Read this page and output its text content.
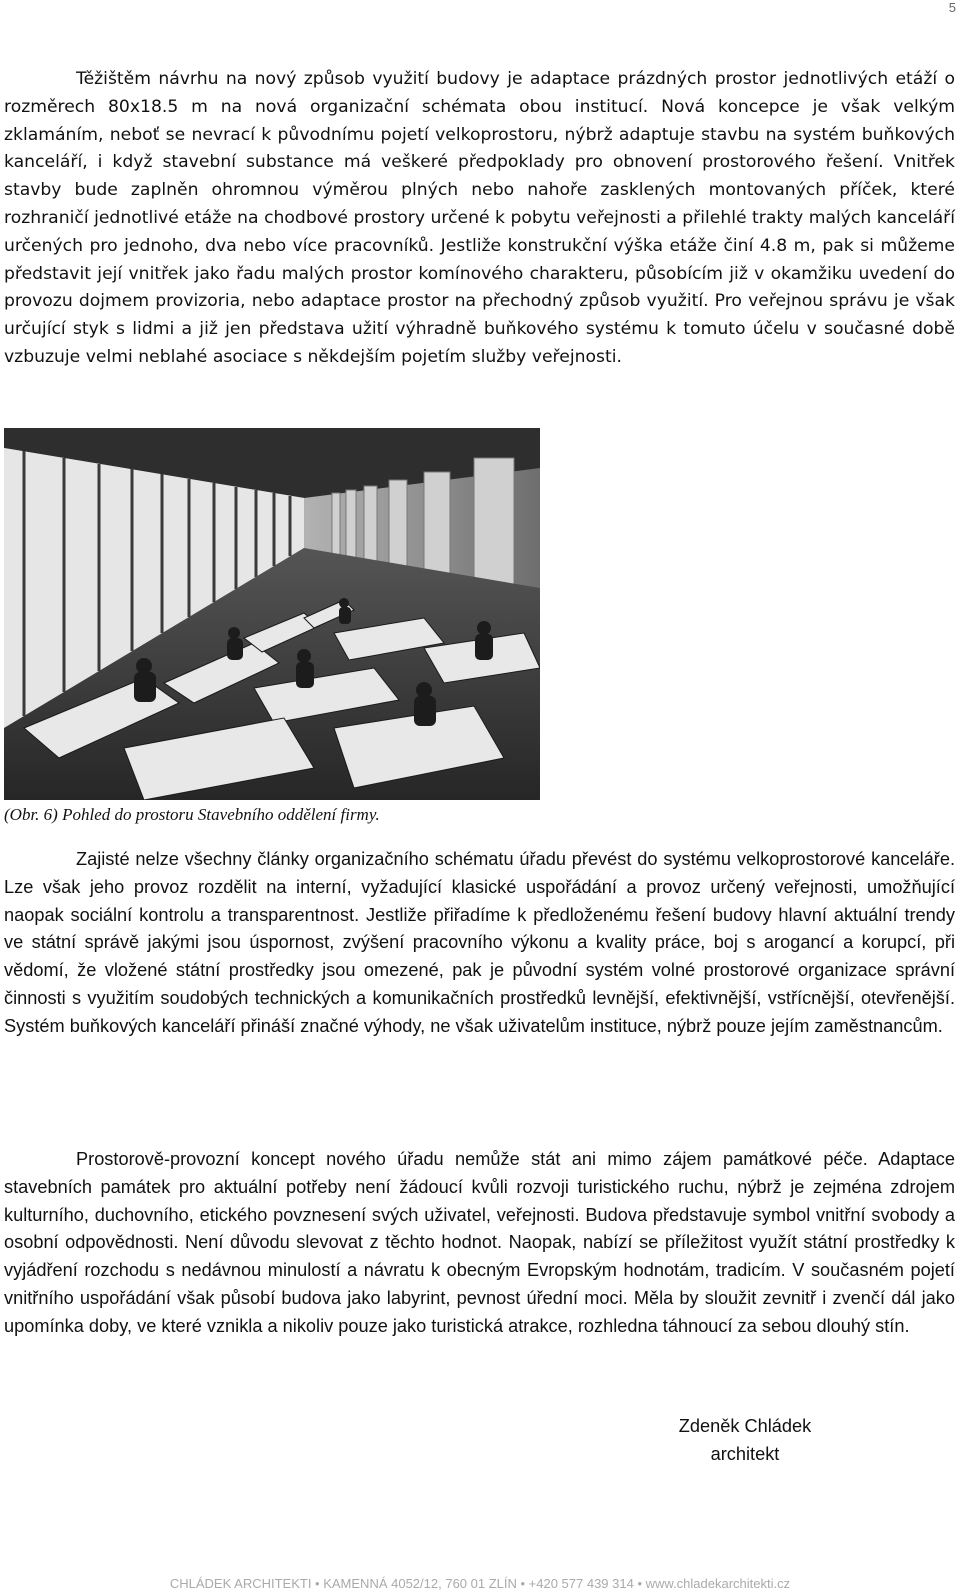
5

Těžištěm návrhu na nový způsob využití budovy je adaptace prázdných prostor jednotlivých etáží o rozměrech 80x18.5 m na nová organizační schémata obou institucí. Nová koncepce je však velkým zklamáním, neboť se nevrací k původnímu pojetí velkoprostoru, nýbrž adaptuje stavbu na systém buňkových kanceláří, i když stavební substance má veškeré předpoklady pro obnovení prostorového řešení. Vnitřek stavby bude zaplněn ohromnou výměrou plných nebo nahoře zasklených montovaných příček, které rozhraničí jednotlivé etáže na chodbové prostory určené k pobytu veřejnosti a přilehlé trakty malých kanceláří určených pro jednoho, dva nebo více pracovníků. Jestliže konstrukční výška etáže činí 4.8 m, pak si můžeme představit její vnitřek jako řadu malých prostor komínového charakteru, působícím již v okamžiku uvedení do provozu dojmem provizoria, nebo adaptace prostor na přechodný způsob využití. Pro veřejnou správu je však určující styk s lidmi a již jen představa užití výhradně buňkového systému k tomuto účelu v současné době vzbuzuje velmi neblahé asociace s někdejším pojetím služby veřejnosti.

(Obr. 6) Pohled do prostoru Stavebního oddělení firmy.

Zajisté nelze všechny články organizačního schématu úřadu převést do systému velkoprostorové kanceláře. Lze však jeho provoz rozdělit na interní, vyžadující klasické uspořádání a provoz určený veřejnosti, umožňující naopak sociální kontrolu a transparentnost. Jestliže přiřadíme k předloženému řešení budovy hlavní aktuální trendy ve státní správě jakými jsou úspornost, zvýšení pracovního výkonu a kvality práce, boj s arogancí a korupcí, při vědomí, že vložené státní prostředky jsou omezené, pak je původní systém volné prostorové organizace správní činnosti s využitím soudobých technických a komunikačních prostředků levnější, efektivnější, vstřícnější, otevřenější. Systém buňkových kanceláří přináší značné výhody, ne však uživatelům instituce, nýbrž pouze jejím zaměstnancům.

Prostorově-provozní koncept nového úřadu nemůže stát ani mimo zájem památkové péče. Adaptace stavebních památek pro aktuální potřeby není žádoucí kvůli rozvoji turistického ruchu, nýbrž je zejména zdrojem kulturního, duchovního, etického povznesení svých uživatel, veřejnosti. Budova představuje symbol vnitřní svobody a osobní odpovědnosti. Není důvodu slevovat z těchto hodnot. Naopak, nabízí se příležitost využít státní prostředky k vyjádření rozchodu s nedávnou minulostí a návratu k obecným Evropským hodnotám, tradicím. V současném pojetí vnitřního uspořádání však působí budova jako labyrint, pevnost úřední moci. Měla by sloužit zevnitř i zvenčí dál jako upomínka doby, ve které vznikla a nikoliv pouze jako turistická atrakce, rozhledna táhnoucí za sebou dlouhý stín.

Zdeněk Chládek
architekt
CHLÁDEK ARCHITEKTI • KAMENNÁ 4052/12, 760 01 ZLÍN • +420 577 439 314 • www.chladekarchitekti.cz
